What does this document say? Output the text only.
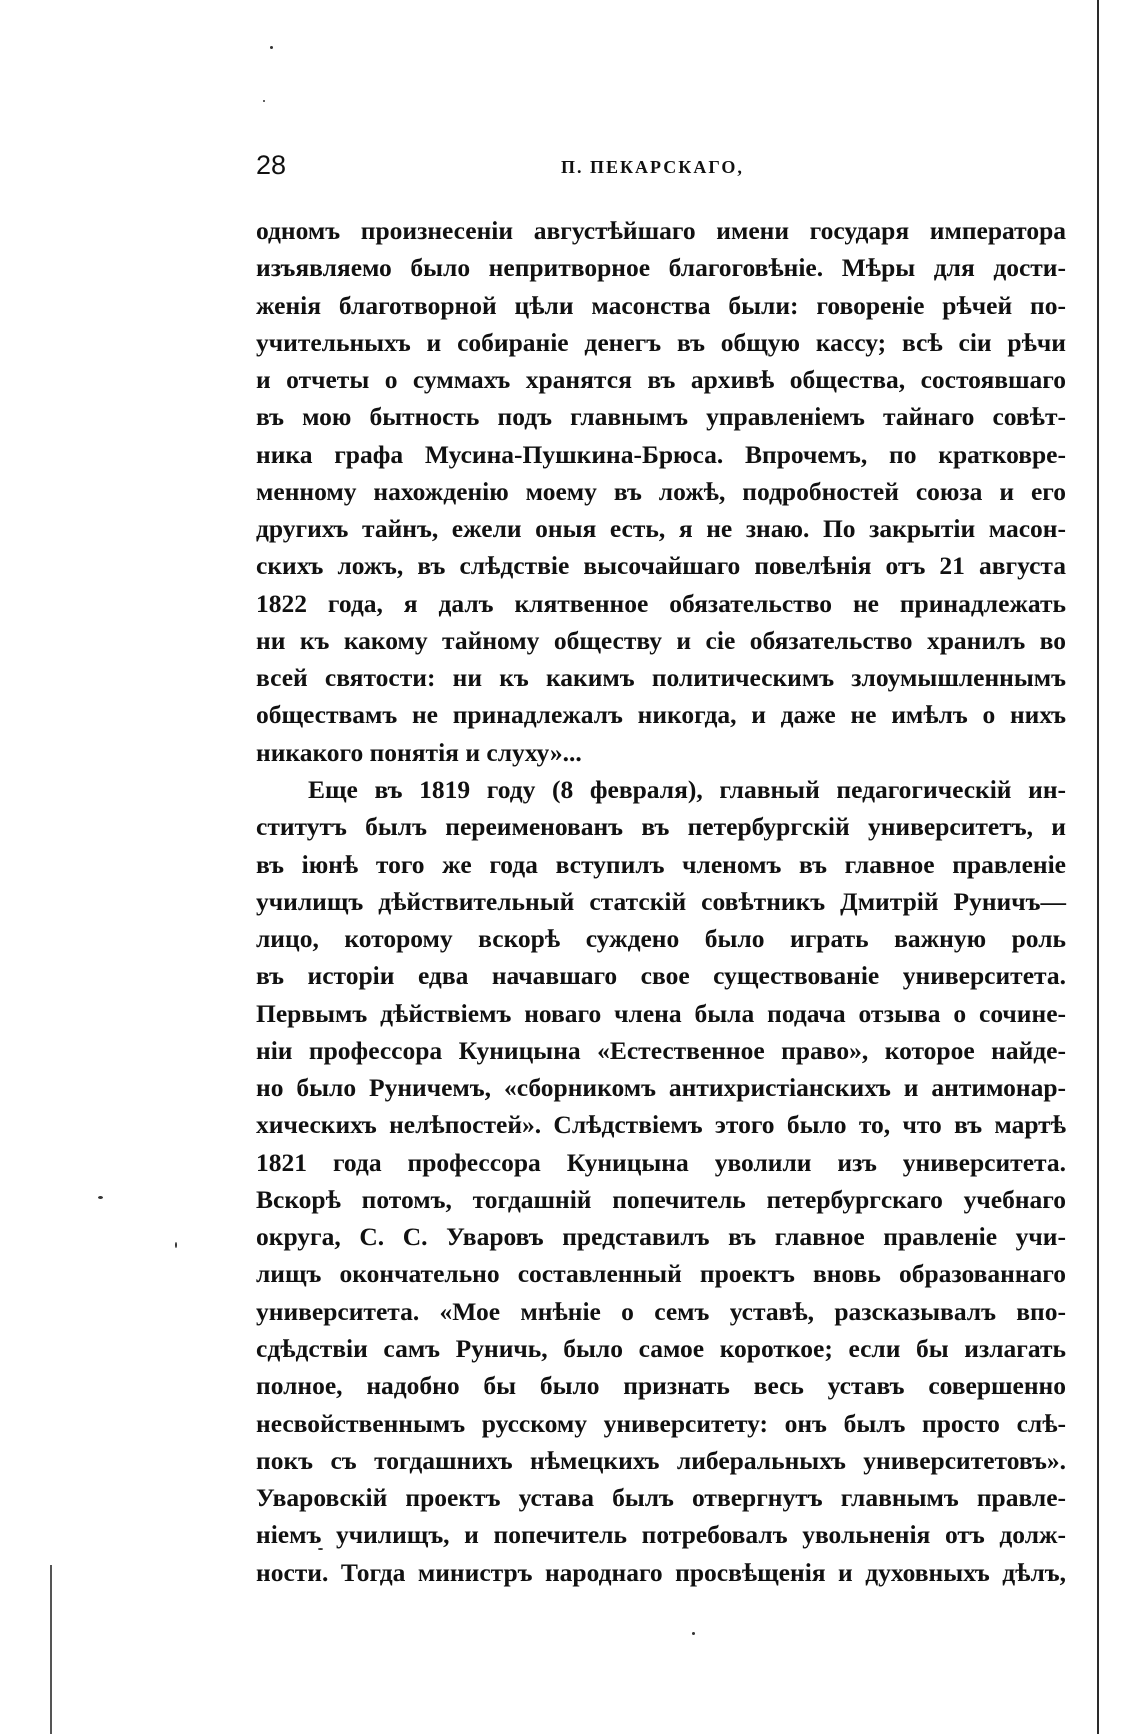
28	П. ПЕКАРСКАГО,
одномъ произнесеніи августѣйшаго имени государя императора
изъявляемо было непритворное благоговѣніе. Мѣры для дости-
женія благотворной цѣли масонства были: говореніе рѣчей по-
учительныхъ и собираніе денегъ въ общую кассу; всѣ сіи рѣчи
и отчеты о суммахъ хранятся въ архивѣ общества, состоявшаго
въ мою бытность подъ главнымъ управленіемъ тайнаго совѣт-
ника графа Мусина-Пушкина-Брюса. Впрочемъ, по кратковре-
менному нахожденію моему въ ложѣ, подробностей союза и его
другихъ тайнъ, ежели оныя есть, я не знаю. По закрытіи масон-
скихъ ложъ, въ слѣдствіе высочайшаго повелѣнія отъ 21 августа
1822 года, я далъ клятвенное обязательство не принадлежать
ни къ какому тайному обществу и сіе обязательство хранилъ во
всей святости: ни къ какимъ политическимъ злоумышленнымъ
обществамъ не принадлежалъ никогда, и даже не имѣлъ о нихъ
никакого понятія и слуху»...
Еще въ 1819 году (8 февраля), главный педагогическій ин-
ститутъ былъ переименованъ въ петербургскій университетъ, и
въ іюнѣ того же года вступилъ членомъ въ главное правленіе
училищъ дѣйствительный статскій совѣтникъ Дмитрій Руничъ—
лицо, которому вскорѣ суждено было играть важную роль
въ исторіи едва начавшаго свое существованіе университета.
Первымъ дѣйствіемъ новаго члена была подача отзыва о сочине-
ніи профессора Куницына «Естественное право», которое найде-
но было Руничемъ, «сборникомъ антихристіанскихъ и антимонар-
хическихъ нелѣпостей». Слѣдствіемъ этого было то, что въ мартѣ
1821 года профессора Куницына уволили изъ университета.
Вскорѣ потомъ, тогдашній попечитель петербургскаго учебнаго
округа, С. С. Уваровъ представилъ въ главное правленіе учи-
лищъ окончательно составленный проектъ вновь образованнаго
университета. «Мое мнѣніе о семъ уставѣ, разсказывалъ впо-
сдѣдствіи самъ Руничь, было самое короткое; если бы излагать
полное, надобно бы было признать весь уставъ совершенно
несвойственнымъ русскому университету: онъ былъ просто слѣ-
покъ съ тогдашнихъ нѣмецкихъ либеральныхъ университетовъ».
Уваровскій проектъ устава былъ отвергнутъ главнымъ правле-
ніемъ училищъ, и попечитель потребовалъ увольненія отъ долж-
ности. Тогда министръ народнаго просвѣщенія и духовныхъ дѣлъ,
